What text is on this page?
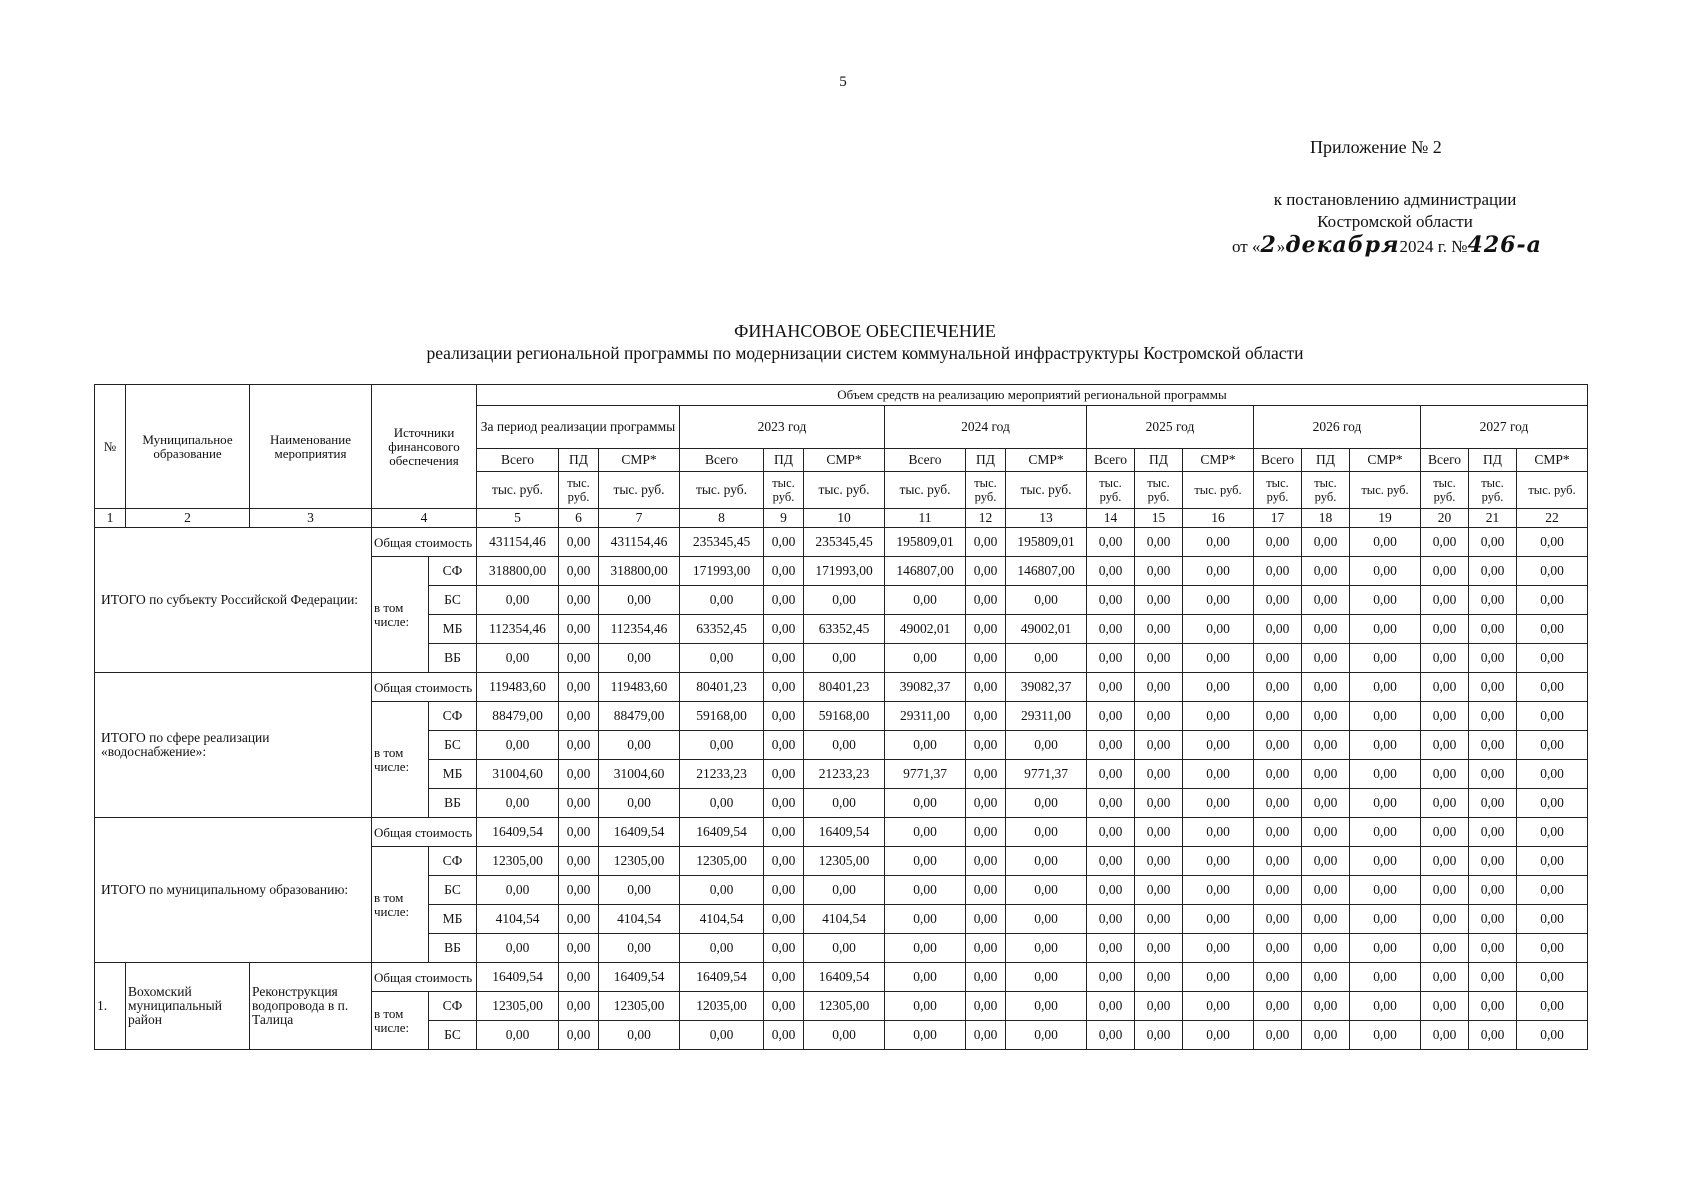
5
Приложение № 2
к постановлению администрации
Костромской области
от «2»декабря2024 г. №426-а
ФИНАНСОВОЕ ОБЕСПЕЧЕНИЕ
реализации региональной программы по модернизации систем коммунальной инфраструктуры Костромской области
№	Муниципальное образование	Наименование мероприятия	Источники финансового обеспечения		Объем средств на реализацию мероприятий региональной программы																	
					За период реализации программы			2023 год			2024 год			2025 год			2026 год			2027 год		
					Всего	ПД	СМР*	Всего	ПД	СМР*	Всего	ПД	СМР*	Всего	ПД	СМР*	Всего	ПД	СМР*	Всего	ПД	СМР*
					тыс. руб.	тыс. руб.	тыс. руб.	тыс. руб.	тыс. руб.	тыс. руб.	тыс. руб.	тыс. руб.	тыс. руб.	тыс. руб.	тыс. руб.	тыс. руб.	тыс. руб.	тыс. руб.	тыс. руб.	тыс. руб.	тыс. руб.	тыс. руб.
1	2	3	4		5	6	7	8	9	10	11	12	13	14	15	16	17	18	19	20	21	22
ИТОГО по субъекту Российской Федерации:			Общая стоимость		431154,46	0,00	431154,46	235345,45	0,00	235345,45	195809,01	0,00	195809,01	0,00	0,00	0,00	0,00	0,00	0,00	0,00	0,00	0,00
			в том числе:	СФ	318800,00	0,00	318800,00	171993,00	0,00	171993,00	146807,00	0,00	146807,00	0,00	0,00	0,00	0,00	0,00	0,00	0,00	0,00	0,00
				БС	0,00	0,00	0,00	0,00	0,00	0,00	0,00	0,00	0,00	0,00	0,00	0,00	0,00	0,00	0,00	0,00	0,00	0,00
				МБ	112354,46	0,00	112354,46	63352,45	0,00	63352,45	49002,01	0,00	49002,01	0,00	0,00	0,00	0,00	0,00	0,00	0,00	0,00	0,00
				ВБ	0,00	0,00	0,00	0,00	0,00	0,00	0,00	0,00	0,00	0,00	0,00	0,00	0,00	0,00	0,00	0,00	0,00	0,00
ИТОГО по сфере реализации «водоснабжение»:			Общая стоимость		119483,60	0,00	119483,60	80401,23	0,00	80401,23	39082,37	0,00	39082,37	0,00	0,00	0,00	0,00	0,00	0,00	0,00	0,00	0,00
			в том числе:	СФ	88479,00	0,00	88479,00	59168,00	0,00	59168,00	29311,00	0,00	29311,00	0,00	0,00	0,00	0,00	0,00	0,00	0,00	0,00	0,00
				БС	0,00	0,00	0,00	0,00	0,00	0,00	0,00	0,00	0,00	0,00	0,00	0,00	0,00	0,00	0,00	0,00	0,00	0,00
				МБ	31004,60	0,00	31004,60	21233,23	0,00	21233,23	9771,37	0,00	9771,37	0,00	0,00	0,00	0,00	0,00	0,00	0,00	0,00	0,00
				ВБ	0,00	0,00	0,00	0,00	0,00	0,00	0,00	0,00	0,00	0,00	0,00	0,00	0,00	0,00	0,00	0,00	0,00	0,00
ИТОГО по муниципальному образованию:			Общая стоимость		16409,54	0,00	16409,54	16409,54	0,00	16409,54	0,00	0,00	0,00	0,00	0,00	0,00	0,00	0,00	0,00	0,00	0,00	0,00
			в том числе:	СФ	12305,00	0,00	12305,00	12305,00	0,00	12305,00	0,00	0,00	0,00	0,00	0,00	0,00	0,00	0,00	0,00	0,00	0,00	0,00
				БС	0,00	0,00	0,00	0,00	0,00	0,00	0,00	0,00	0,00	0,00	0,00	0,00	0,00	0,00	0,00	0,00	0,00	0,00
				МБ	4104,54	0,00	4104,54	4104,54	0,00	4104,54	0,00	0,00	0,00	0,00	0,00	0,00	0,00	0,00	0,00	0,00	0,00	0,00
				ВБ	0,00	0,00	0,00	0,00	0,00	0,00	0,00	0,00	0,00	0,00	0,00	0,00	0,00	0,00	0,00	0,00	0,00	0,00
1.	Вохомский муниципальный район	Реконструкция водопровода в п. Талица	Общая стоимость		16409,54	0,00	16409,54	16409,54	0,00	16409,54	0,00	0,00	0,00	0,00	0,00	0,00	0,00	0,00	0,00	0,00	0,00	0,00
			в том числе:	СФ	12305,00	0,00	12305,00	12035,00	0,00	12305,00	0,00	0,00	0,00	0,00	0,00	0,00	0,00	0,00	0,00	0,00	0,00	0,00
				БС	0,00	0,00	0,00	0,00	0,00	0,00	0,00	0,00	0,00	0,00	0,00	0,00	0,00	0,00	0,00	0,00	0,00	0,00
